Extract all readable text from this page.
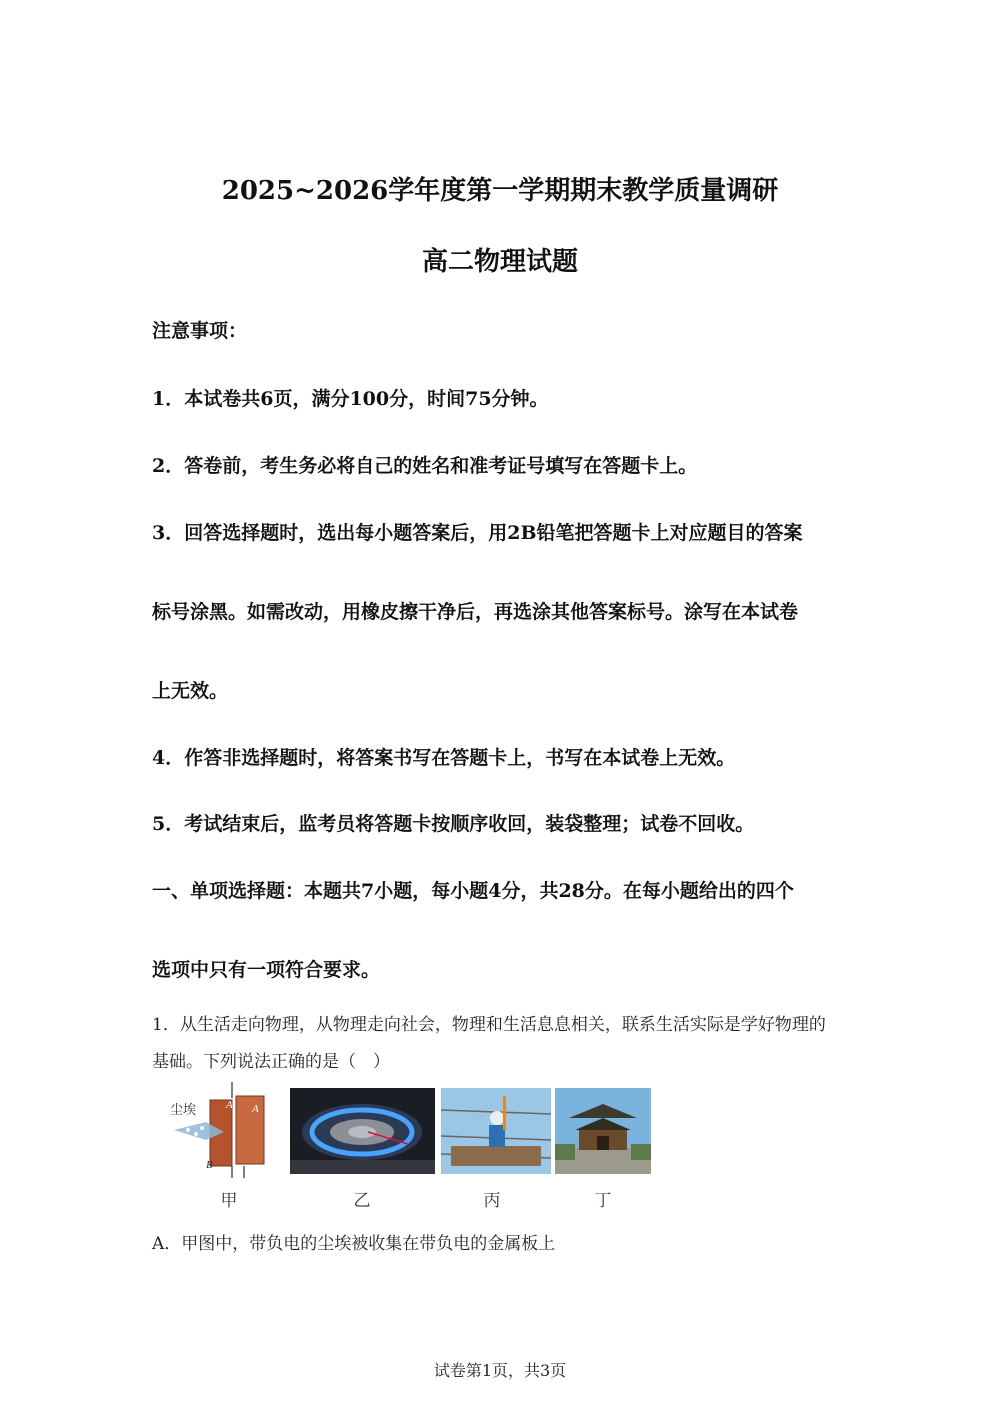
2025~2026学年度第一学期期末教学质量调研
高二物理试题
注意事项：
1．本试卷共6页，满分100分，时间75分钟。
2．答卷前，考生务必将自己的姓名和准考证号填写在答题卡上。
3．回答选择题时，选出每小题答案后，用2B铅笔把答题卡上对应题目的答案
标号涂黑。如需改动，用橡皮擦干净后，再选涂其他答案标号。涂写在本试卷
上无效。
4．作答非选择题时，将答案书写在答题卡上，书写在本试卷上无效。
5．考试结束后，监考员将答题卡按顺序收回，装袋整理；试卷不回收。
一、单项选择题：本题共7小题，每小题4分，共28分。在每小题给出的四个
选项中只有一项符合要求。
1．从生活走向物理，从物理走向社会，物理和生活息息相关，联系生活实际是学好物理的
基础。下列说法正确的是（　）
尘埃	A A
B
甲	乙	丙	丁
A．甲图中，带负电的尘埃被收集在带负电的金属板上
试卷第1页，共3页
